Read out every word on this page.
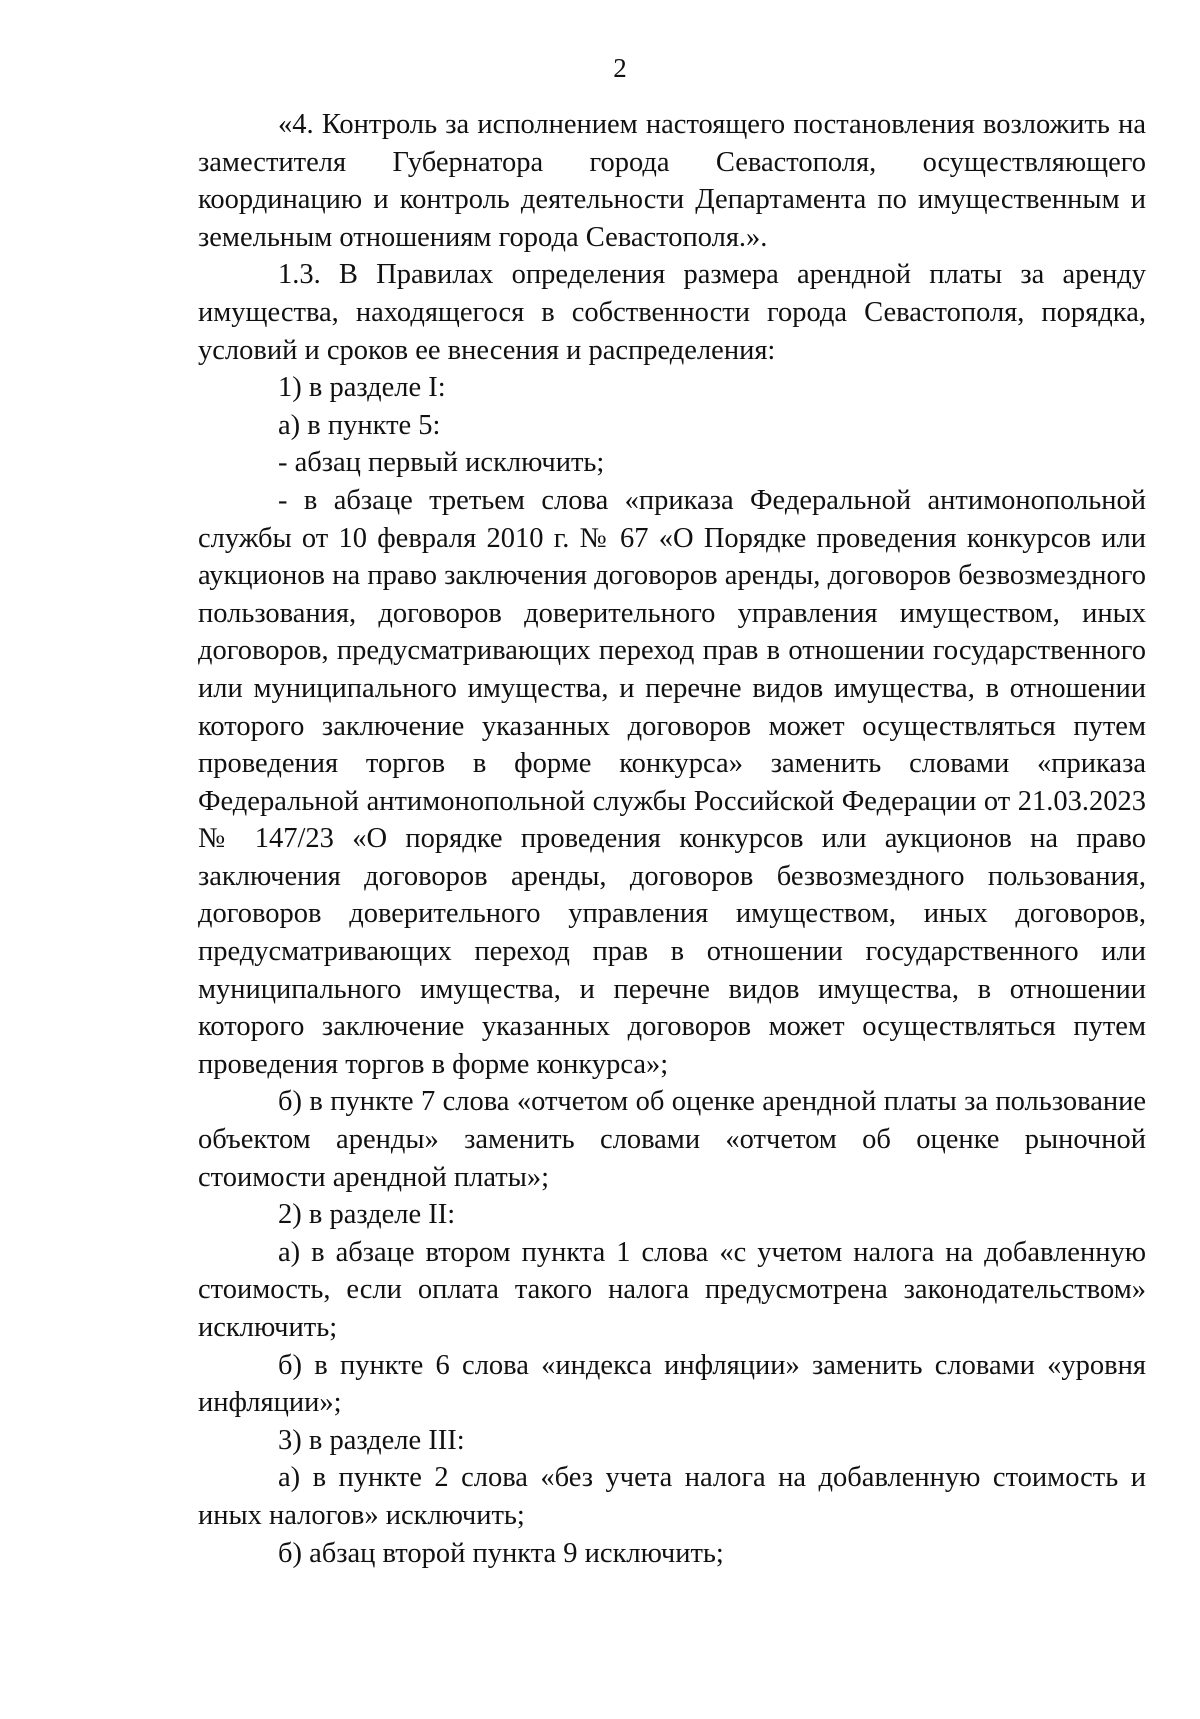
2

«4. Контроль за исполнением настоящего постановления возложить на заместителя Губернатора города Севастополя, осуществляющего координацию и контроль деятельности Департамента по имущественным и земельным отношениям города Севастополя.».

1.3. В Правилах определения размера арендной платы за аренду имущества, находящегося в собственности города Севастополя, порядка, условий и сроков ее внесения и распределения:

1) в разделе I:

а) в пункте 5:

- абзац первый исключить;

- в абзаце третьем слова «приказа Федеральной антимонопольной службы от 10 февраля 2010 г. № 67 «О Порядке проведения конкурсов или аукционов на право заключения договоров аренды, договоров безвозмездного пользования, договоров доверительного управления имуществом, иных договоров, предусматривающих переход прав в отношении государственного или муниципального имущества, и перечне видов имущества, в отношении которого заключение указанных договоров может осуществляться путем проведения торгов в форме конкурса» заменить словами «приказа Федеральной антимонопольной службы Российской Федерации от 21.03.2023 № 147/23 «О порядке проведения конкурсов или аукционов на право заключения договоров аренды, договоров безвозмездного пользования, договоров доверительного управления имуществом, иных договоров, предусматривающих переход прав в отношении государственного или муниципального имущества, и перечне видов имущества, в отношении которого заключение указанных договоров может осуществляться путем проведения торгов в форме конкурса»;

б) в пункте 7 слова «отчетом об оценке арендной платы за пользование объектом аренды» заменить словами «отчетом об оценке рыночной стоимости арендной платы»;

2) в разделе II:

а) в абзаце втором пункта 1 слова «с учетом налога на добавленную стоимость, если оплата такого налога предусмотрена законодательством» исключить;

б) в пункте 6 слова «индекса инфляции» заменить словами «уровня инфляции»;

3) в разделе III:

а) в пункте 2 слова «без учета налога на добавленную стоимость и иных налогов» исключить;

б) абзац второй пункта 9 исключить;
